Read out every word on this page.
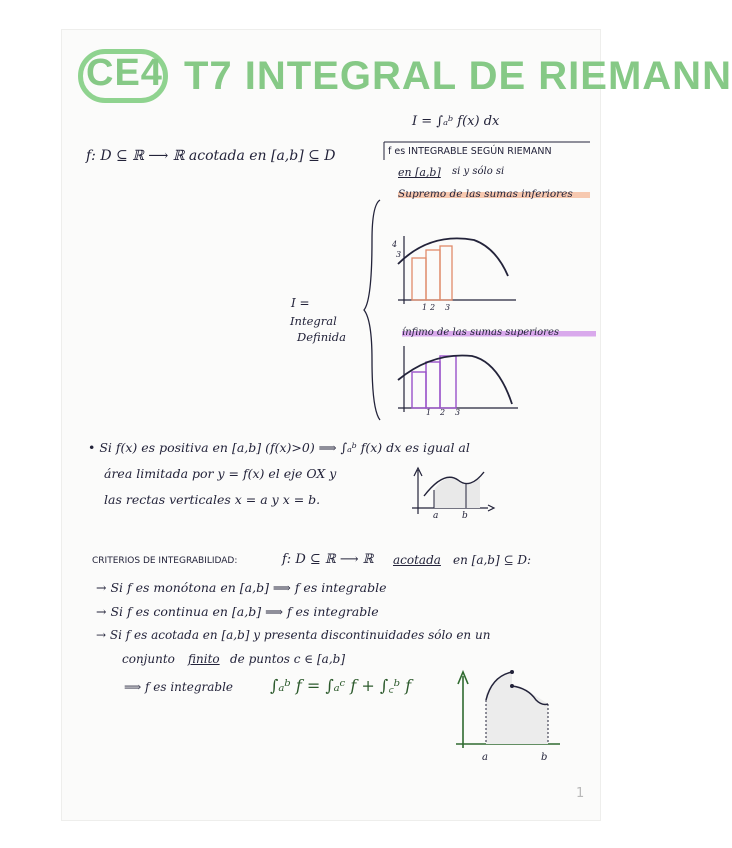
CE4 T7 INTEGRAL DE RIEMANN
I = ∫ₐᵇ f(x) dx
f: D ⊆ ℝ ⟶ ℝ acotada en [a,b] ⊆ D	f es INTEGRABLE SEGÚN RIEMANN
en [a,b] si y sólo si
Supremo de las sumas inferiores
I =
Integral
Definida	ínfimo de las sumas superiores
4
3
1 2 3
1 2 3
• Si f(x) es positiva en [a,b] (f(x)>0) ⟹ ∫ₐᵇ f(x) dx es igual al
área limitada por y = f(x) el eje OX y
las rectas verticales x = a y x = b.
a	b
CRITERIOS DE INTEGRABILIDAD:	f: D ⊆ ℝ ⟶ ℝ acotada en [a,b] ⊆ D:
→ Si f es monótona en [a,b] ⟹ f es integrable
→ Si f es continua en [a,b] ⟹ f es integrable
→ Si f es acotada en [a,b] y presenta discontinuidades sólo en un
conjunto finito de puntos c ∈ [a,b]
⟹ f es integrable ∫ₐᵇ f = ∫ₐᶜ f + ∫꜀ᵇ f
a	b
1
